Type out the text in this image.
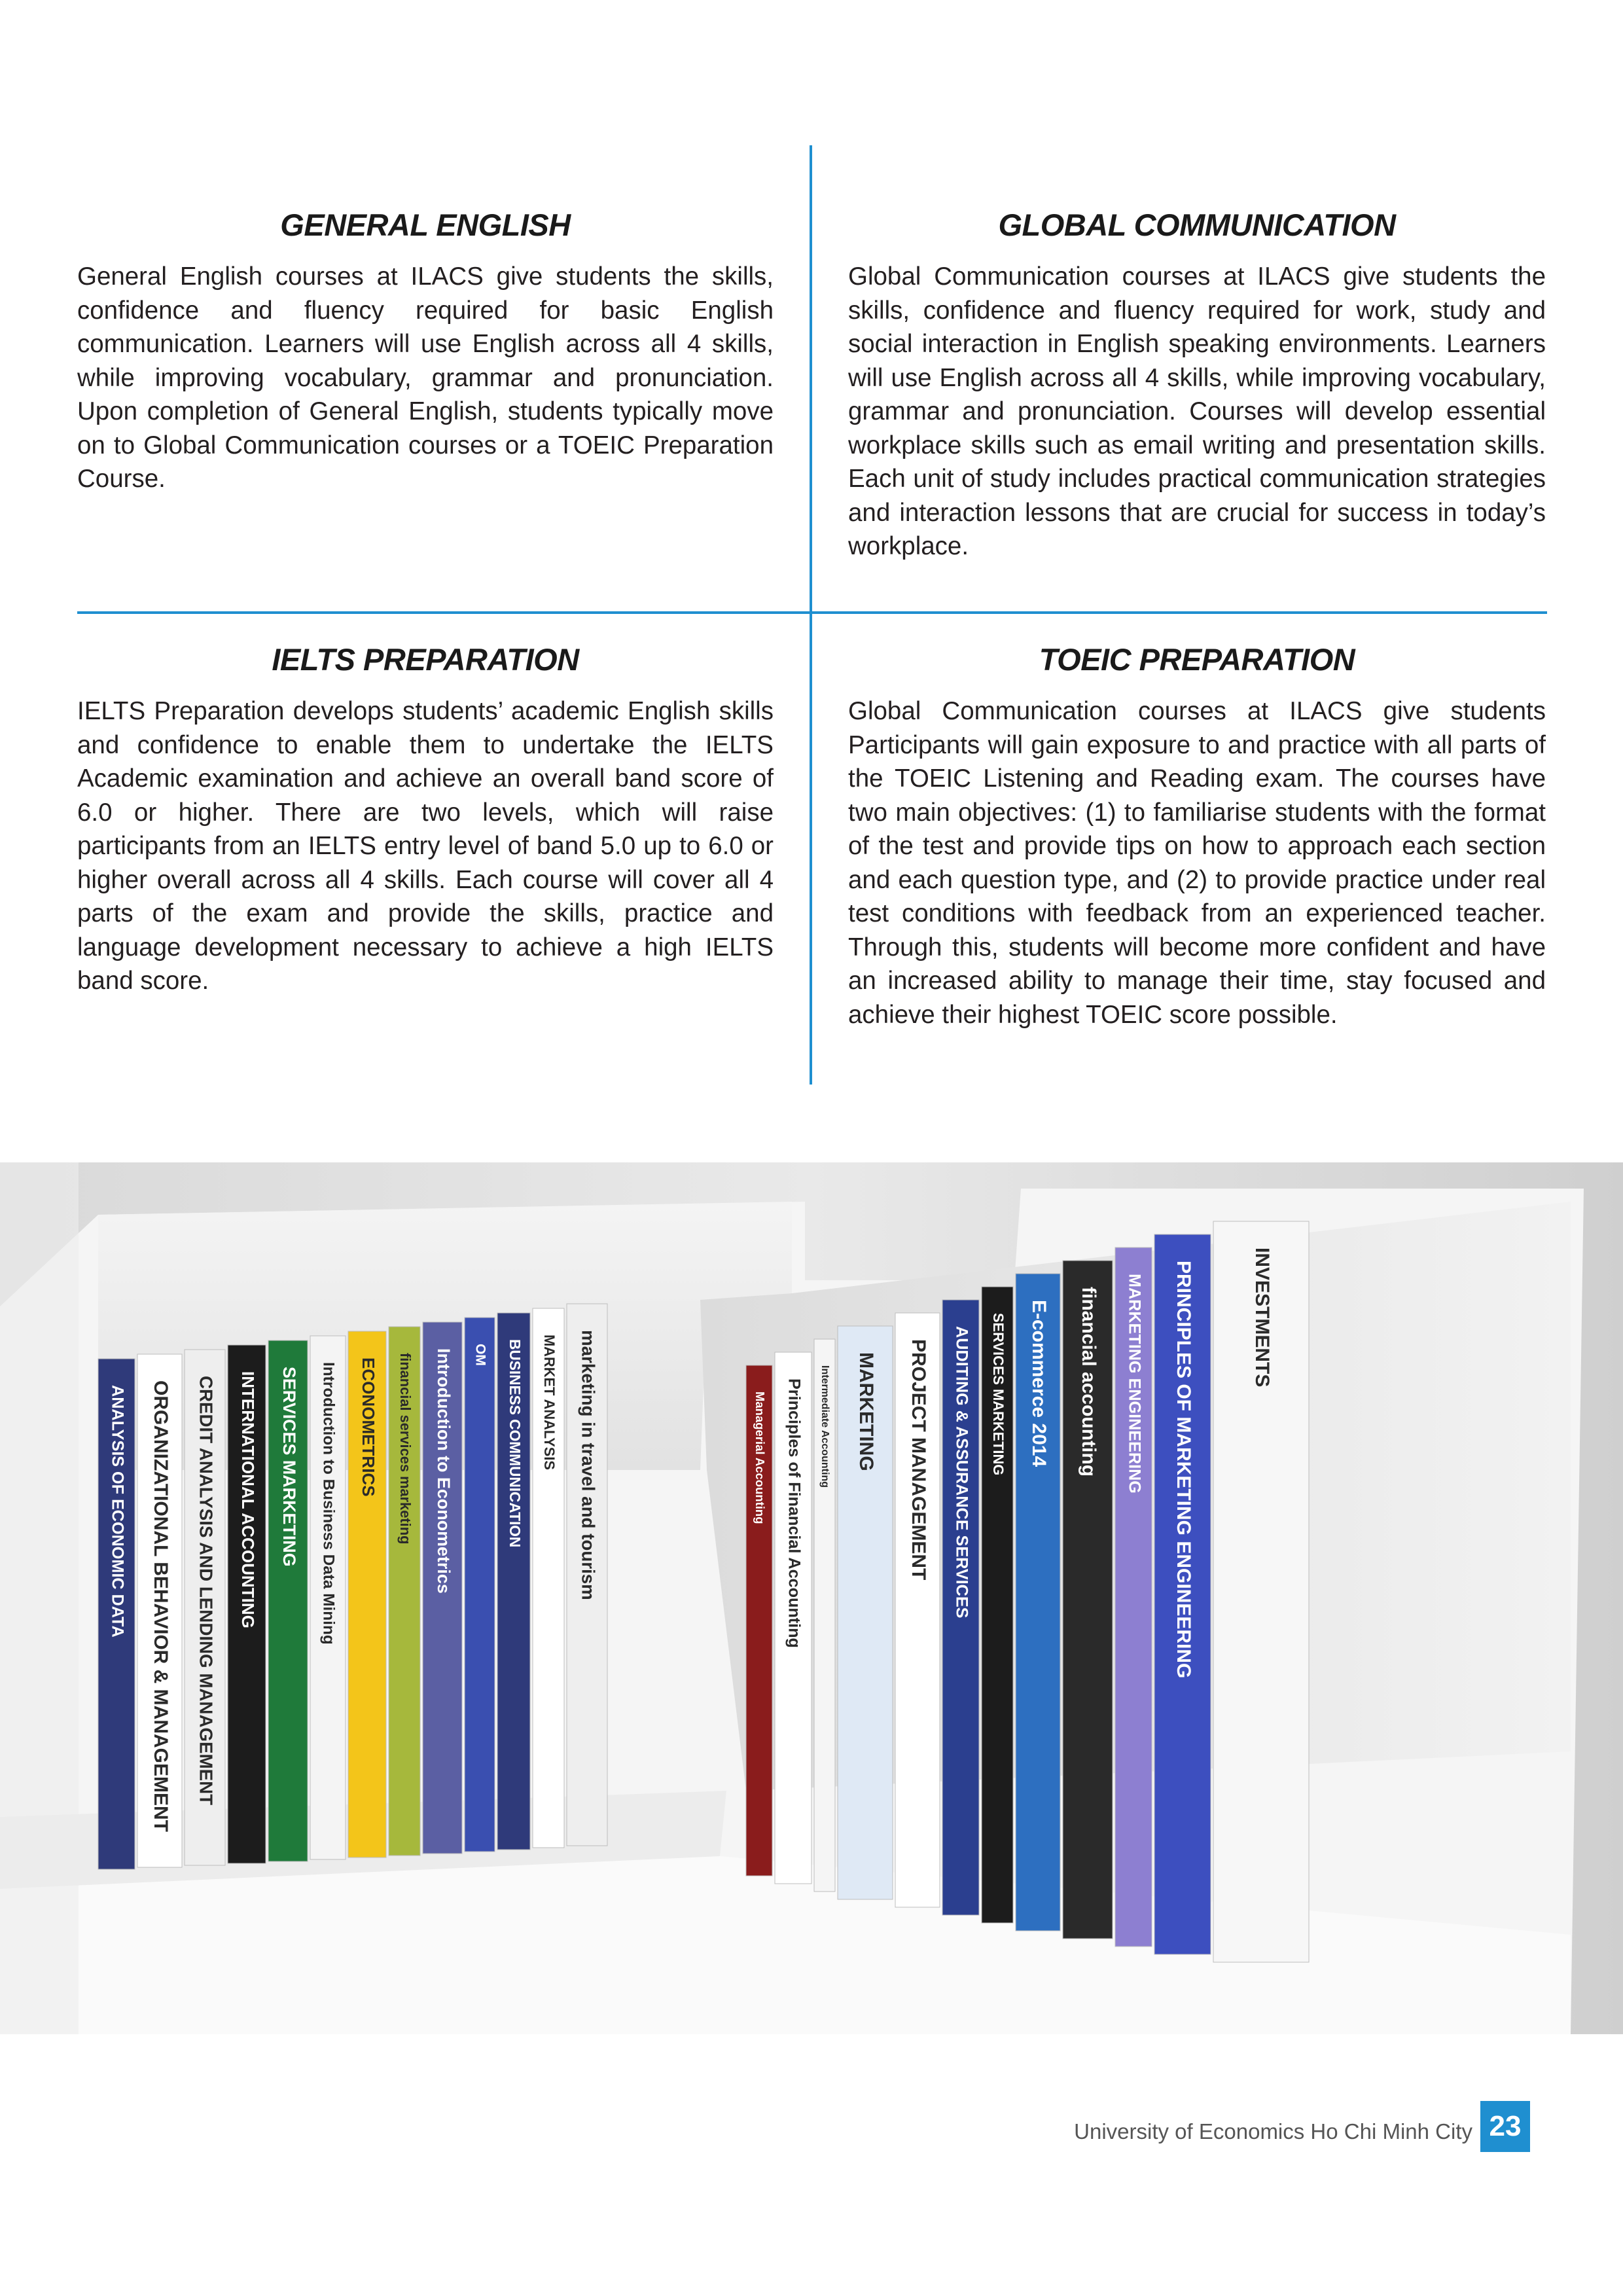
GENERAL ENGLISH

General English courses at ILACS give students the skills, confidence and fluency required for basic English communication. Learners will use English across all 4 skills, while improving vocabulary, grammar and pronunciation. Upon completion of General English, students typically move on to Global Communication courses or a TOEIC Preparation Course.

GLOBAL COMMUNICATION

Global Communication courses at ILACS give students the skills, confidence and fluency required for work, study and social interaction in English speaking environments. Learners will use English across all 4 skills, while improving vocabulary, grammar and pronunciation. Courses will develop essential workplace skills such as email writing and presentation skills. Each unit of study includes practical communication strategies and interaction lessons that are crucial for success in today’s workplace.

IELTS PREPARATION

IELTS Preparation develops students’ academic English skills and confidence to enable them to undertake the IELTS Academic examination and achieve an overall band score of 6.0 or higher. There are two levels, which will raise participants from an IELTS entry level of band 5.0 up to 6.0 or higher overall across all 4 skills. Each course will cover all 4 parts of the exam and provide the skills, practice and language development necessary to achieve a high IELTS band score.

TOEIC PREPARATION

Global Communication courses at ILACS give students Participants will gain exposure to and practice with all parts of the TOEIC Listening and Reading exam. The courses have two main objectives: (1) to familiarise students with the format of the test and provide tips on how to approach each section and each question type, and (2) to provide practice under real test conditions with feedback from an experienced teacher. Through this, students will become more confident and have an increased ability to manage their time, stay focused and achieve their highest TOEIC score possible.

ANALYSIS OF ECONOMIC DATA ORGANIZATIONAL BEHAVIOR & MANAGEMENT CREDIT ANALYSIS AND LENDING MANAGEMENT INTERNATIONAL ACCOUNTING SERVICES MARKETING Introduction to Business Data Mining ECONOMETRICS financial services marketing Introduction to Econometrics OM BUSINESS COMMUNICATION MARKET ANALYSIS marketing in travel and tourism	Managerial Accounting Principles of Financial Accounting Intermediate Accounting MARKETING PROJECT MANAGEMENT AUDITING & ASSURANCE SERVICES SERVICES MARKETING E-commerce 2014 financial accounting MARKETING ENGINEERING PRINCIPLES OF MARKETING ENGINEERING	INVESTMENTS
University of Economics Ho Chi Minh City 23
